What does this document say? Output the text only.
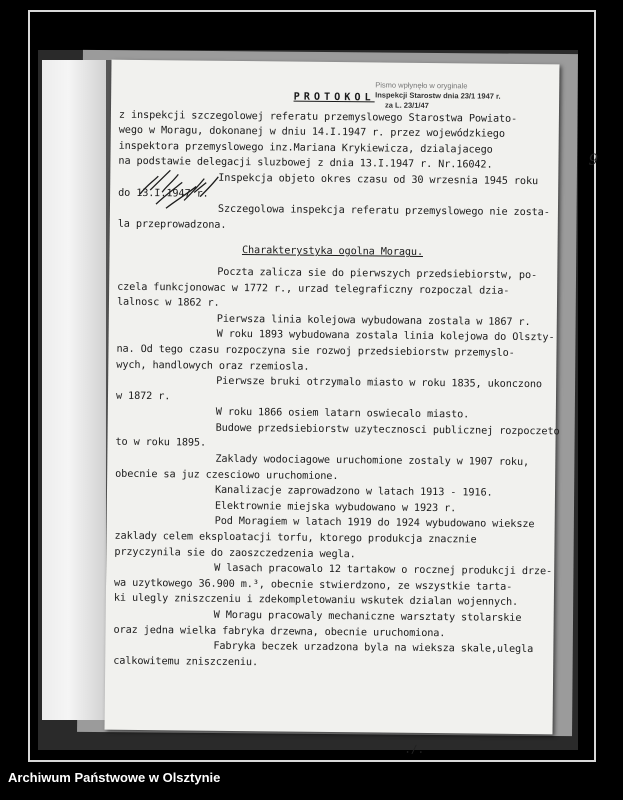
Pismo wpłynęło w oryginale
Inspekcji Starostw dnia 23/1 1947 r.
za L. 23/1/47
9
PROTOKOL
z inspekcji szczegolowej referatu przemyslowego Starostwa Powiato-
wego w Moragu, dokonanej w dniu 14.I.1947 r. przez wojewódzkiego
inspektora przemyslowego inz.Mariana Krykiewicza, dzialajacego
na podstawie delegacji sluzbowej z dnia 13.I.1947 r. Nr.16042.
Inspekcja objeto okres czasu od 30 wrzesnia 1945 roku
do 13.I.1947 r.
Szczegolowa inspekcja referatu przemyslowego nie zosta-
la przeprowadzona.
Charakterystyka ogolna Moragu.
Poczta zalicza sie do pierwszych przedsiebiorstw, po-
czela funkcjonowac w 1772 r., urzad telegraficzny rozpoczal dzia-
lalnosc w 1862 r.
Pierwsza linia kolejowa wybudowana zostala w 1867 r.
W roku 1893 wybudowana zostala linia kolejowa do Olszty-
na. Od tego czasu rozpoczyna sie rozwoj przedsiebiorstw przemyslo-
wych, handlowych oraz rzemiosla.
Pierwsze bruki otrzymalo miasto w roku 1835, ukonczono
w 1872 r.
W roku 1866 osiem latarn oswiecalo miasto.
Budowe przedsiebiorstw uzytecznosci publicznej rozpoczeto
to w roku 1895.
Zaklady wodociagowe uruchomione zostaly w 1907 roku,
obecnie sa juz czesciowo uruchomione.
Kanalizacje zaprowadzono w latach 1913 - 1916.
Elektrownie miejska wybudowano w 1923 r.
Pod Moragiem w latach 1919 do 1924 wybudowano wieksze
zaklady celem eksploatacji torfu, ktorego produkcja znacznie
przyczynila sie do zaoszczedzenia wegla.
W lasach pracowalo 12 tartakow o rocznej produkcji drze-
wa uzytkowego 36.900 m.³, obecnie stwierdzono, ze wszystkie tarta-
ki ulegly zniszczeniu i zdekompletowaniu wskutek dzialan wojennych.
W Moragu pracowaly mechaniczne warsztaty stolarskie
oraz jedna wielka fabryka drzewna, obecnie uruchomiona.
Fabryka beczek urzadzona byla na wieksza skale,ulegla
calkowitemu zniszczeniu.
./.
Archiwum Państwowe w Olsztynie
